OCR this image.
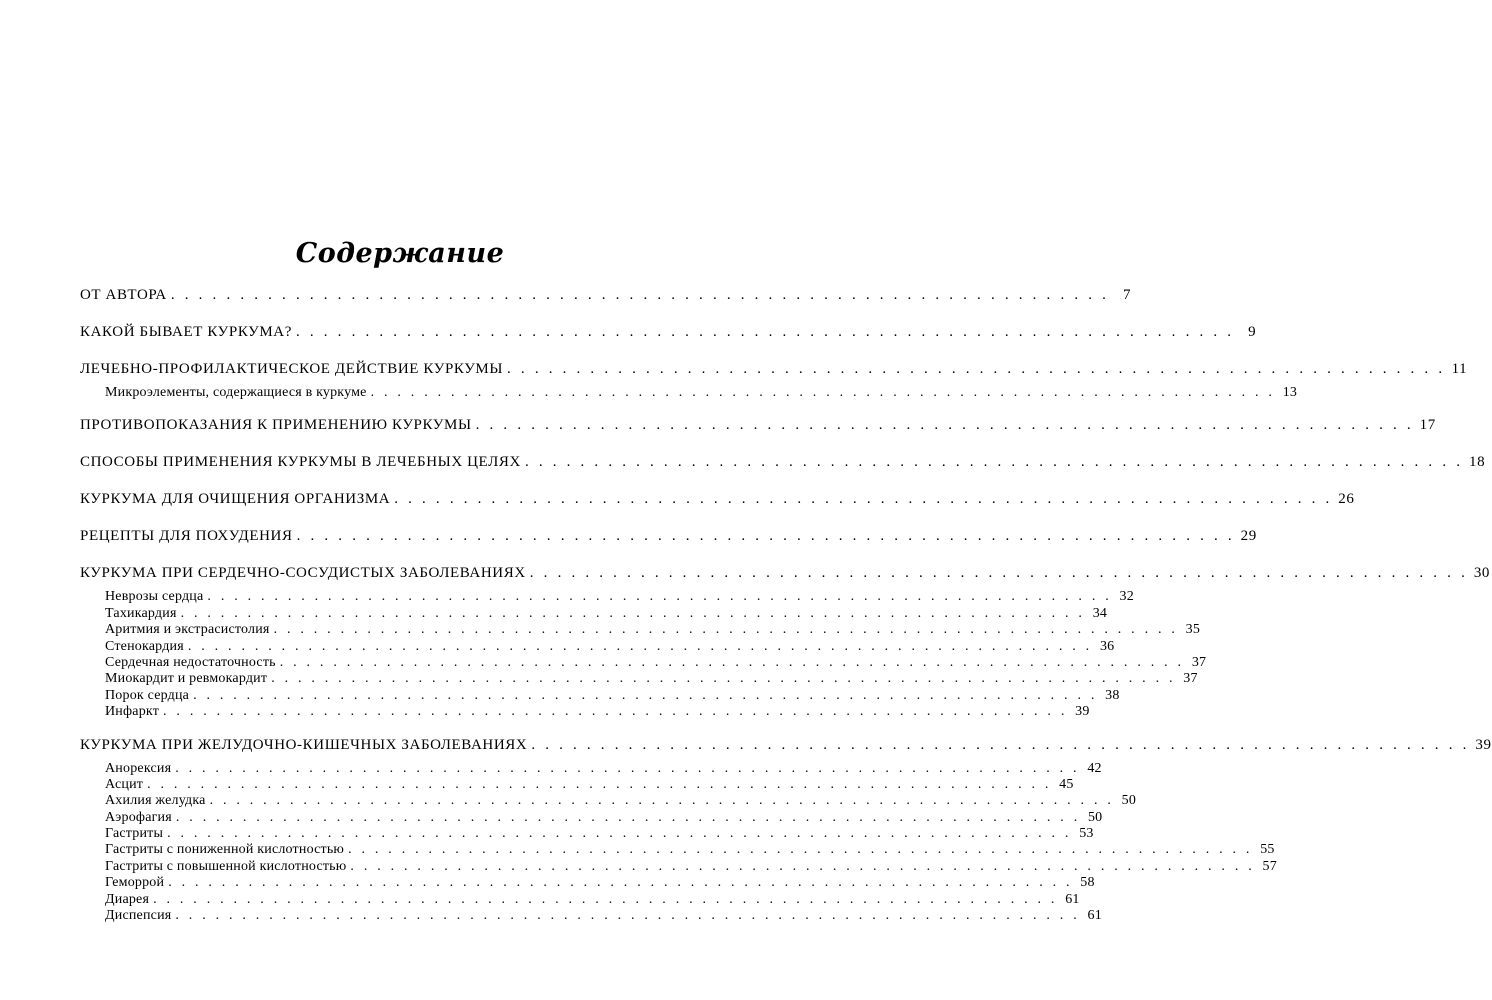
Содержание
ОТ АВТОРА . . . . . . . . . . . . . . . . . . . . . . . . . . . . . . . . . . . . . . . . . . . . . . . . . . . . . . . . . . . . . . . . . . . . 7
КАКОЙ БЫВАЕТ КУРКУМА? . . . . . . . . . . . . . . . . . . . . . . . . . . . . . . . . . . . . . . . . . . . . . . . . . . . . . . . . . . . . . . . . . . . . 9
ЛЕЧЕБНО-ПРОФИЛАКТИЧЕСКОЕ ДЕЙСТВИЕ КУРКУМЫ . . . . . . . . . . . . . . . . . . . . . . . . . . . . . . . . . . . . . . . . . . . . . . . . . . . . . . . . . . . . . . . . . . . . 11
Микроэлементы, содержащиеся в куркуме . . . . . . . . . . . . . . . . . . . . . . . . . . . . . . . . . . . . . . . . . . . . . . . . . . . . . . . . . . . . . . . . . . . . 13
ПРОТИВОПОКАЗАНИЯ К ПРИМЕНЕНИЮ КУРКУМЫ . . . . . . . . . . . . . . . . . . . . . . . . . . . . . . . . . . . . . . . . . . . . . . . . . . . . . . . . . . . . . . . . . . . . 17
СПОСОБЫ ПРИМЕНЕНИЯ КУРКУМЫ В ЛЕЧЕБНЫХ ЦЕЛЯХ . . . . . . . . . . . . . . . . . . . . . . . . . . . . . . . . . . . . . . . . . . . . . . . . . . . . . . . . . . . . . . . . . . . . 18
КУРКУМА ДЛЯ ОЧИЩЕНИЯ ОРГАНИЗМА . . . . . . . . . . . . . . . . . . . . . . . . . . . . . . . . . . . . . . . . . . . . . . . . . . . . . . . . . . . . . . . . . . . . 26
РЕЦЕПТЫ ДЛЯ ПОХУДЕНИЯ . . . . . . . . . . . . . . . . . . . . . . . . . . . . . . . . . . . . . . . . . . . . . . . . . . . . . . . . . . . . . . . . . . . . 29
КУРКУМА ПРИ СЕРДЕЧНО-СОСУДИСТЫХ ЗАБОЛЕВАНИЯХ . . . . . . . . . . . . . . . . . . . . . . . . . . . . . . . . . . . . . . . . . . . . . . . . . . . . . . . . . . . . . . . . . . . . 30
Неврозы сердца . . . . . . . . . . . . . . . . . . . . . . . . . . . . . . . . . . . . . . . . . . . . . . . . . . . . . . . . . . . . . . . . . . . . 32
Тахикардия . . . . . . . . . . . . . . . . . . . . . . . . . . . . . . . . . . . . . . . . . . . . . . . . . . . . . . . . . . . . . . . . . . . . 34
Аритмия и экстрасистолия . . . . . . . . . . . . . . . . . . . . . . . . . . . . . . . . . . . . . . . . . . . . . . . . . . . . . . . . . . . . . . . . . . . . 35
Стенокардия . . . . . . . . . . . . . . . . . . . . . . . . . . . . . . . . . . . . . . . . . . . . . . . . . . . . . . . . . . . . . . . . . . . . 36
Сердечная недостаточность . . . . . . . . . . . . . . . . . . . . . . . . . . . . . . . . . . . . . . . . . . . . . . . . . . . . . . . . . . . . . . . . . . . . 37
Миокардит и ревмокардит . . . . . . . . . . . . . . . . . . . . . . . . . . . . . . . . . . . . . . . . . . . . . . . . . . . . . . . . . . . . . . . . . . . . 37
Порок сердца . . . . . . . . . . . . . . . . . . . . . . . . . . . . . . . . . . . . . . . . . . . . . . . . . . . . . . . . . . . . . . . . . . . . 38
Инфаркт . . . . . . . . . . . . . . . . . . . . . . . . . . . . . . . . . . . . . . . . . . . . . . . . . . . . . . . . . . . . . . . . . . . . 39
КУРКУМА ПРИ ЖЕЛУДОЧНО-КИШЕЧНЫХ ЗАБОЛЕВАНИЯХ . . . . . . . . . . . . . . . . . . . . . . . . . . . . . . . . . . . . . . . . . . . . . . . . . . . . . . . . . . . . . . . . . . . . 39
Анорексия . . . . . . . . . . . . . . . . . . . . . . . . . . . . . . . . . . . . . . . . . . . . . . . . . . . . . . . . . . . . . . . . . . . . 42
Асцит . . . . . . . . . . . . . . . . . . . . . . . . . . . . . . . . . . . . . . . . . . . . . . . . . . . . . . . . . . . . . . . . . . . . 45
Ахилия желудка . . . . . . . . . . . . . . . . . . . . . . . . . . . . . . . . . . . . . . . . . . . . . . . . . . . . . . . . . . . . . . . . . . . . 50
Аэрофагия . . . . . . . . . . . . . . . . . . . . . . . . . . . . . . . . . . . . . . . . . . . . . . . . . . . . . . . . . . . . . . . . . . . . 50
Гастриты . . . . . . . . . . . . . . . . . . . . . . . . . . . . . . . . . . . . . . . . . . . . . . . . . . . . . . . . . . . . . . . . . . . . 53
Гастриты с пониженной кислотностью . . . . . . . . . . . . . . . . . . . . . . . . . . . . . . . . . . . . . . . . . . . . . . . . . . . . . . . . . . . . . . . . . . . . 55
Гастриты с повышенной кислотностью . . . . . . . . . . . . . . . . . . . . . . . . . . . . . . . . . . . . . . . . . . . . . . . . . . . . . . . . . . . . . . . . . . . . 57
Геморрой . . . . . . . . . . . . . . . . . . . . . . . . . . . . . . . . . . . . . . . . . . . . . . . . . . . . . . . . . . . . . . . . . . . . 58
Диарея . . . . . . . . . . . . . . . . . . . . . . . . . . . . . . . . . . . . . . . . . . . . . . . . . . . . . . . . . . . . . . . . . . . . 61
Диспепсия . . . . . . . . . . . . . . . . . . . . . . . . . . . . . . . . . . . . . . . . . . . . . . . . . . . . . . . . . . . . . . . . . . . . 61
